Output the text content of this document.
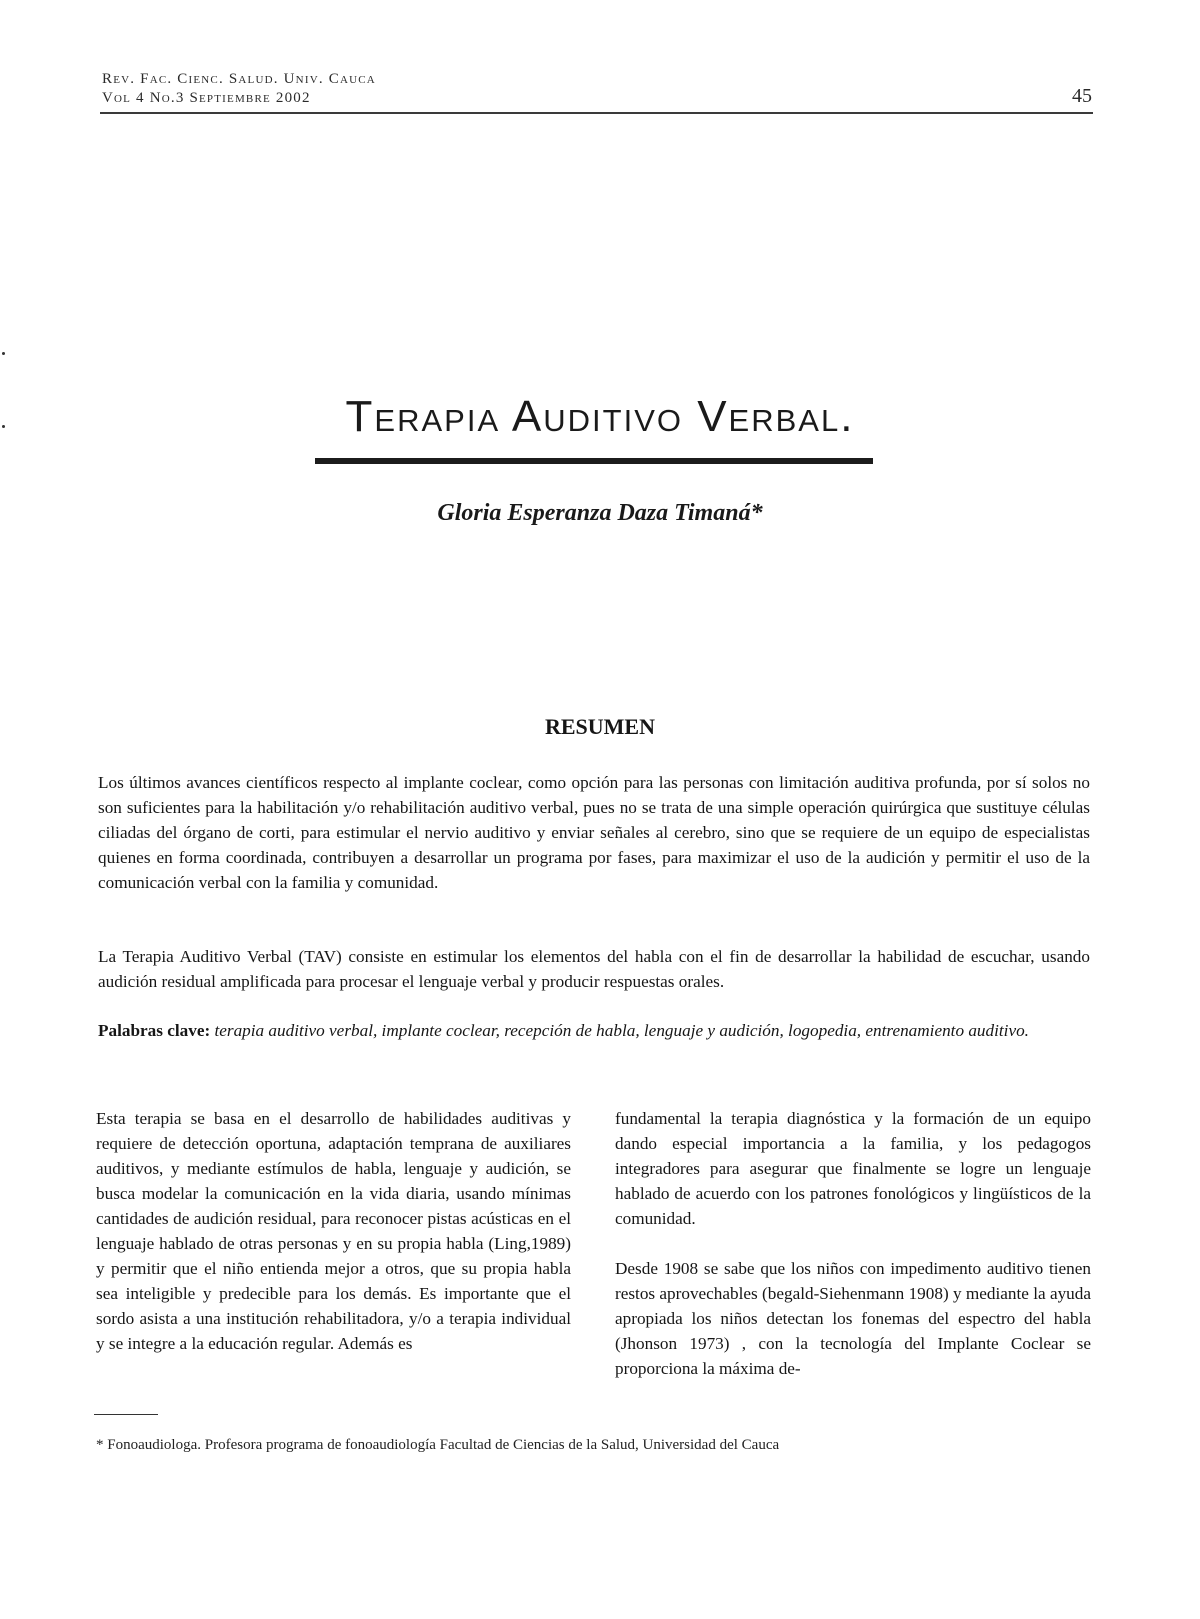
Rev. Fac. Cienc. Salud. Univ. Cauca
Vol 4 No.3 Septiembre 2002	45
Terapia Auditivo Verbal.
Gloria Esperanza Daza Timaná*
RESUMEN
Los últimos avances científicos respecto al implante coclear, como opción para las personas con limitación auditiva profunda, por sí solos no son suficientes para la habilitación y/o rehabilitación auditivo verbal, pues no se trata de una simple operación quirúrgica que sustituye células ciliadas del órgano de corti, para estimular el nervio auditivo y enviar señales al cerebro, sino que se requiere de un equipo de especialistas quienes en forma coordinada, contribuyen a desarrollar un programa por fases, para maximizar el uso de la audición y permitir el uso de la comunicación verbal con la familia y comunidad.
La Terapia Auditivo Verbal (TAV) consiste en estimular los elementos del habla con el fin de desarrollar la habilidad de escuchar, usando audición residual amplificada para procesar el lenguaje verbal y producir respuestas orales.
Palabras clave: terapia auditivo verbal, implante coclear, recepción de habla, lenguaje y audición, logopedia, entrenamiento auditivo.

Esta terapia se basa en el desarrollo de habilidades auditivas y requiere de detección oportuna, adaptación temprana de auxiliares auditivos, y mediante estímulos de habla, lenguaje y audición, se busca modelar la comunicación en la vida diaria, usando mínimas cantidades de audición residual, para reconocer pistas acústicas en el lenguaje hablado de otras personas y en su propia habla (Ling,1989) y permitir que el niño entienda mejor a otros, que su propia habla sea inteligible y predecible para los demás. Es importante que el sordo asista a una institución rehabilitadora, y/o a terapia individual y se integre a la educación regular. Además es

fundamental la terapia diagnóstica y la formación de un equipo dando especial importancia a la familia, y los pedagogos integradores para asegurar que finalmente se logre un lenguaje hablado de acuerdo con los patrones fonológicos y lingüísticos de la comunidad.

Desde 1908 se sabe que los niños con impedimento auditivo tienen restos aprovechables (begald-Siehenmann 1908) y mediante la ayuda apropiada los niños detectan los fonemas del espectro del habla (Jhonson 1973) , con la tecnología del Implante Coclear se proporciona la máxima de-

* Fonoaudiologa. Profesora programa de fonoaudiología Facultad de Ciencias de la Salud, Universidad del Cauca
